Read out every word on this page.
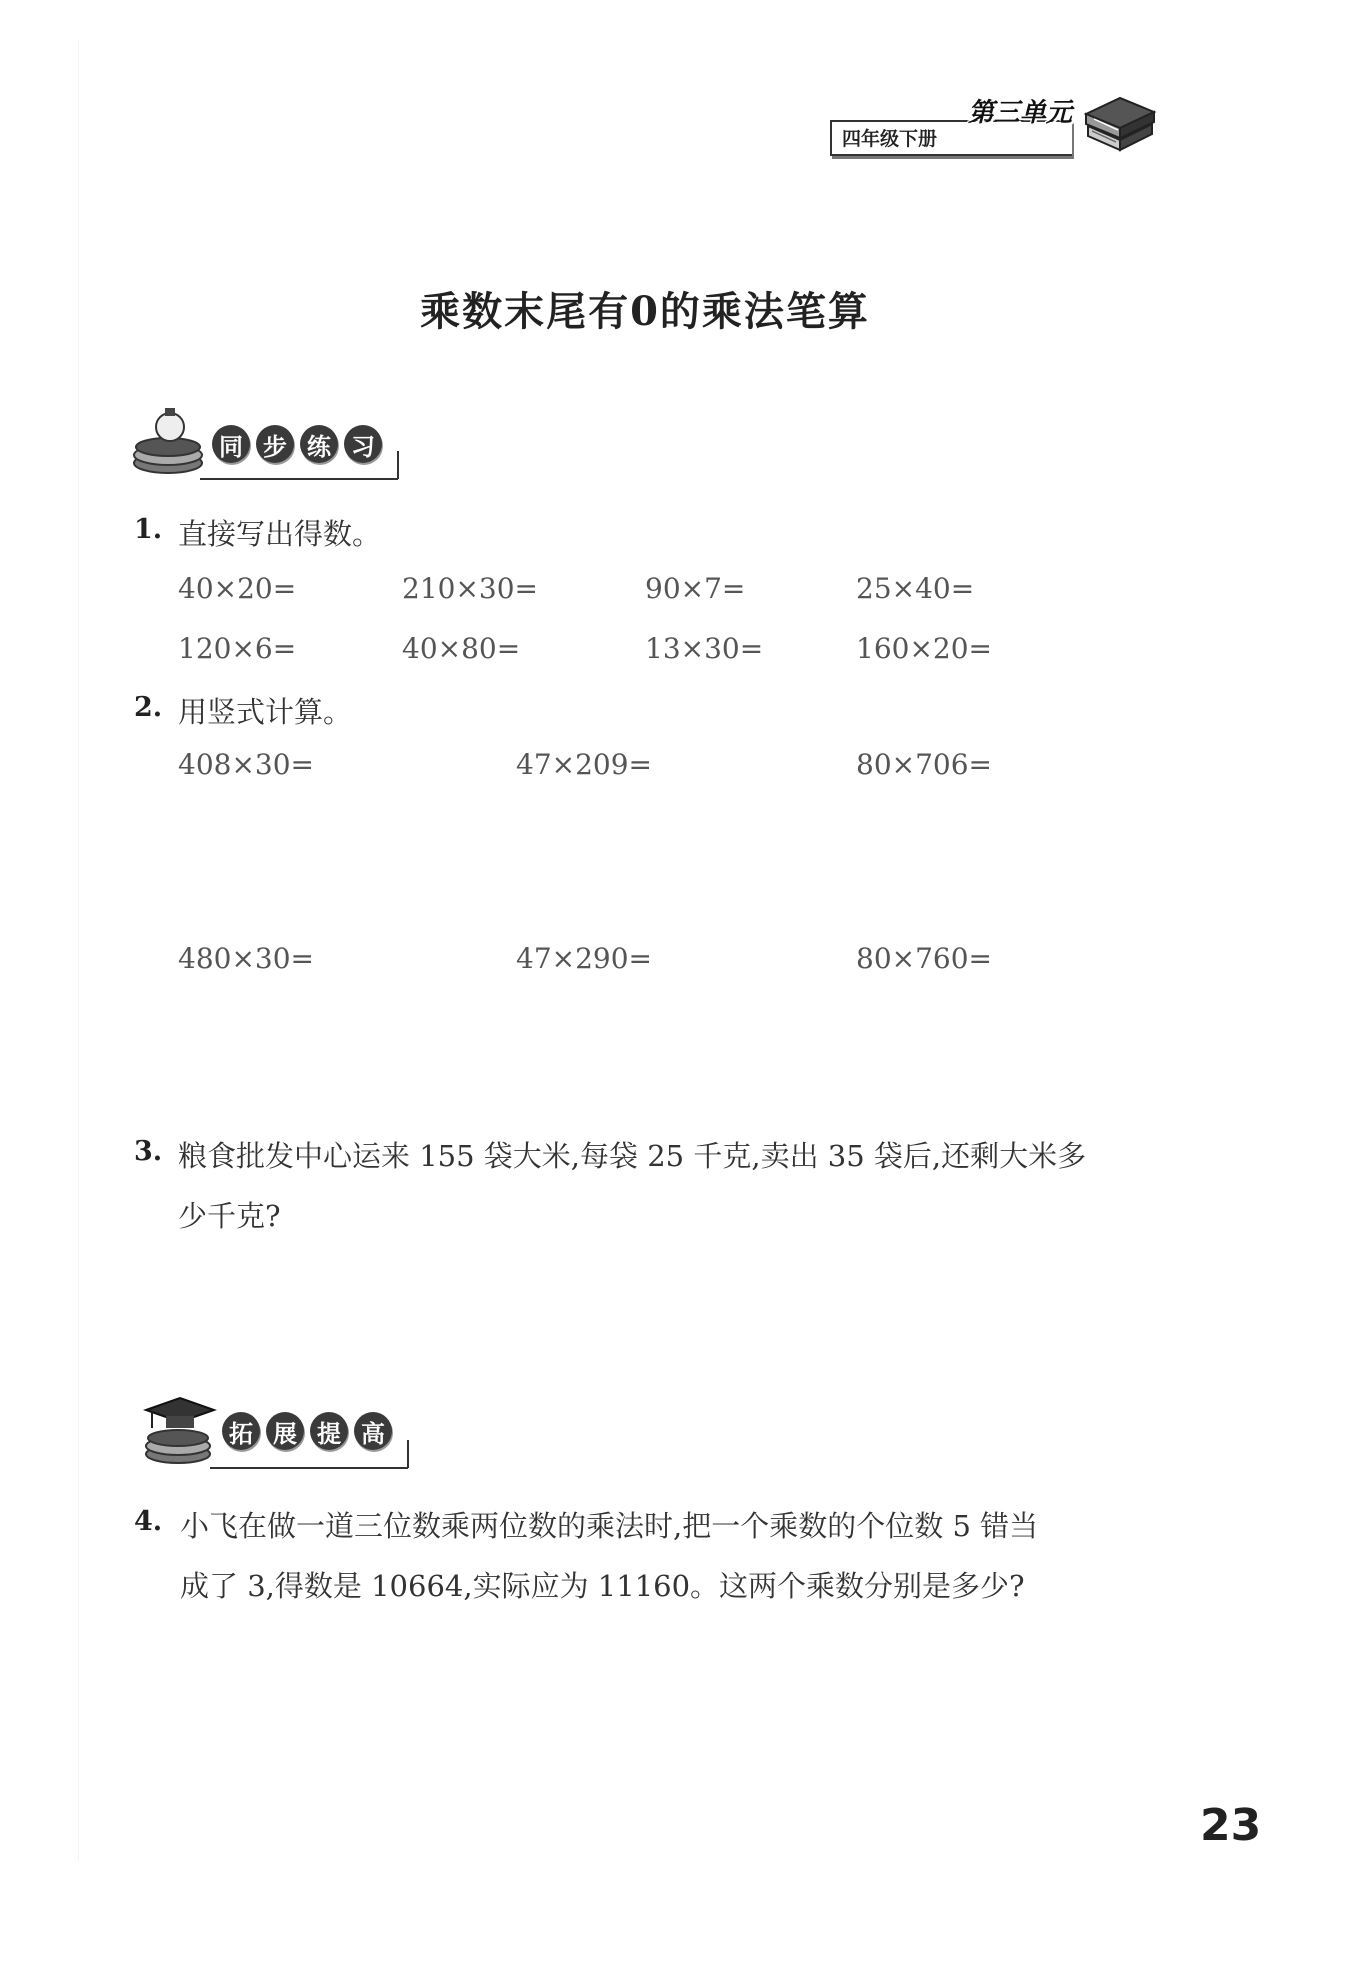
四年级下册
第三单元
乘数末尾有0的乘法笔算
同 步 练 习
1. 直接写出得数。
40×20=	210×30=	90×7=	25×40=
120×6=	40×80=	13×30=	160×20=
2. 用竖式计算。
408×30=	47×209=	80×706=
480×30=	47×290=	80×760=
3. 粮食批发中心运来 155 袋大米,每袋 25 千克,卖出 35 袋后,还剩大米多
少千克?
拓 展 提 高
4. 小飞在做一道三位数乘两位数的乘法时,把一个乘数的个位数 5 错当
成了 3,得数是 10664,实际应为 11160。这两个乘数分别是多少?
23
